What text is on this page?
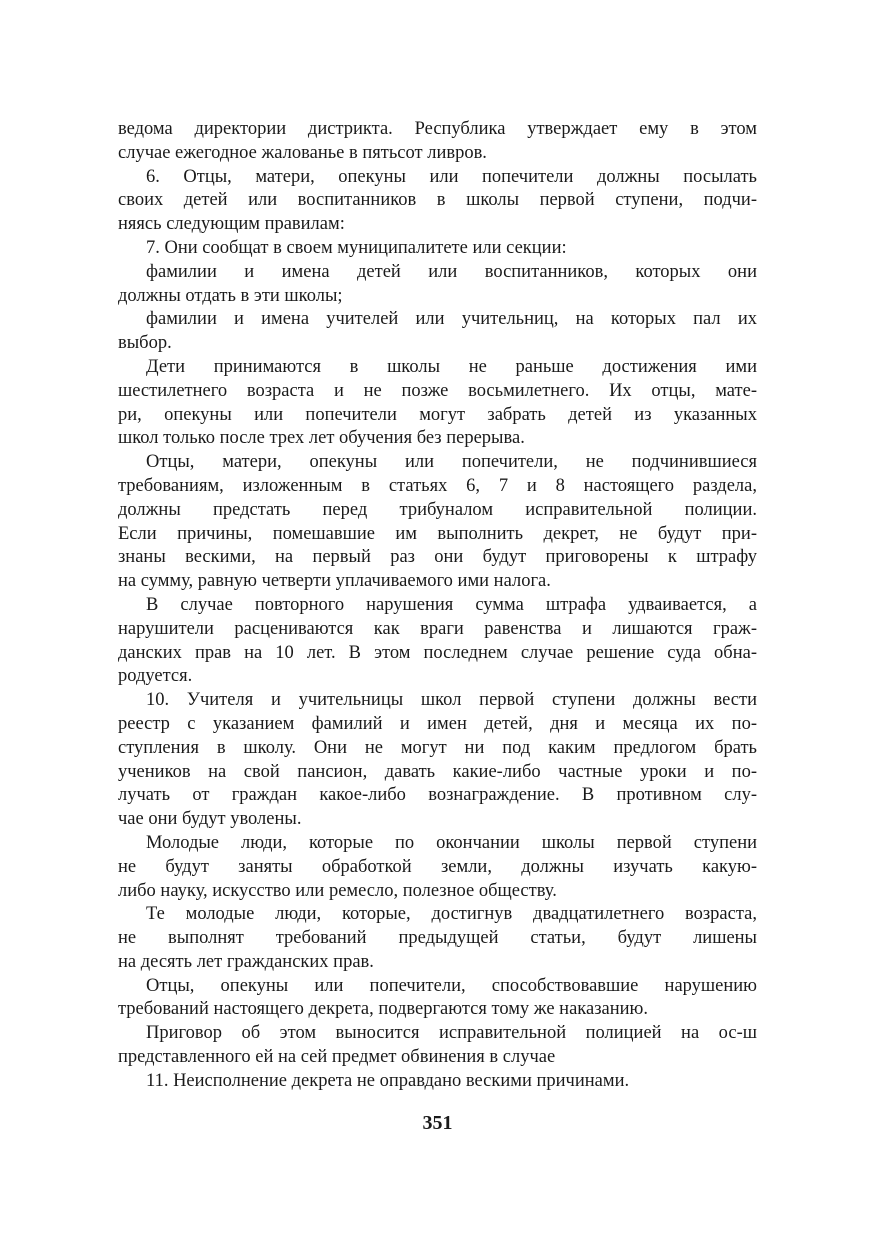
ведома директории дистрикта. Республика утверждает ему в этом
случае ежегодное жалованье в пятьсот ливров.
6. Отцы, матери, опекуны или попечители должны посылать
своих детей или воспитанников в школы первой ступени, подчи-
няясь следующим правилам:
7. Они сообщат в своем муниципалитете или секции:
фамилии и имена детей или воспитанников, которых они
должны отдать в эти школы;
фамилии и имена учителей или учительниц, на которых пал их
выбор.
Дети принимаются в школы не раньше достижения ими
шестилетнего возраста и не позже восьмилетнего. Их отцы, мате-
ри, опекуны или попечители могут забрать детей из указанных
школ только после трех лет обучения без перерыва.
Отцы, матери, опекуны или попечители, не подчинившиеся
требованиям, изложенным в статьях 6, 7 и 8 настоящего раздела,
должны предстать перед трибуналом исправительной полиции.
Если причины, помешавшие им выполнить декрет, не будут при-
знаны вескими, на первый раз они будут приговорены к штрафу
на сумму, равную четверти уплачиваемого ими налога.
В случае повторного нарушения сумма штрафа удваивается, а
нарушители расцениваются как враги равенства и лишаются граж-
данских прав на 10 лет. В этом последнем случае решение суда обна-
родуется.
10. Учителя и учительницы школ первой ступени должны вести
реестр с указанием фамилий и имен детей, дня и месяца их по-
ступления в школу. Они не могут ни под каким предлогом брать
учеников на свой пансион, давать какие-либо частные уроки и по-
лучать от граждан какое-либо вознаграждение. В противном слу-
чае они будут уволены.
Молодые люди, которые по окончании школы первой ступени
не будут заняты обработкой земли, должны изучать какую-
либо науку, искусство или ремесло, полезное обществу.
Те молодые люди, которые, достигнув двадцатилетнего возраста,
не выполнят требований предыдущей статьи, будут лишены
на десять лет гражданских прав.
Отцы, опекуны или попечители, способствовавшие нарушению
требований настоящего декрета, подвергаются тому же наказанию.
Приговор об этом выносится исправительной полицией на ос-ш
представленного ей на сей предмет обвинения в случае
11. Неисполнение декрета не оправдано вескими причинами.
351
